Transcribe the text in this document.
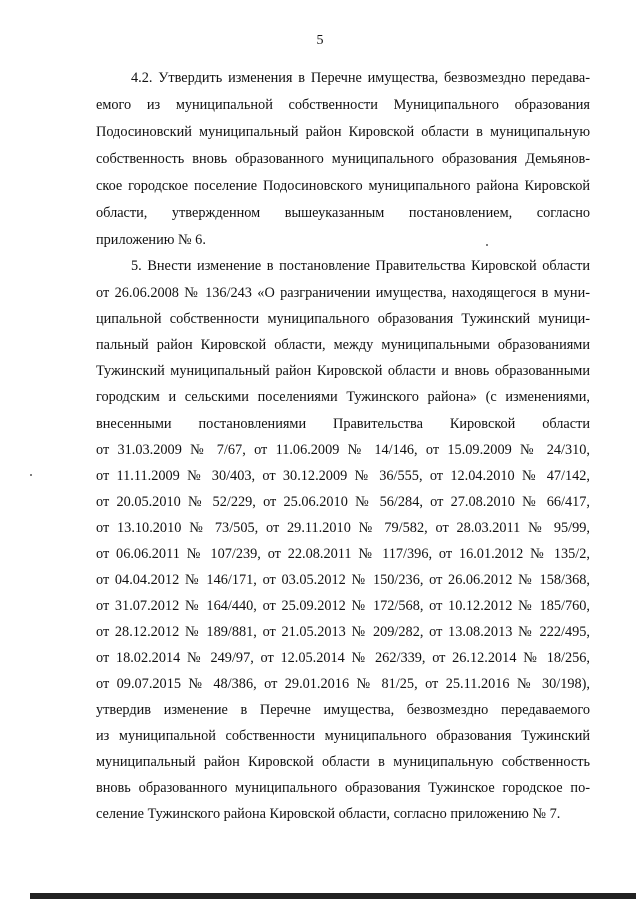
5
4.2. Утвердить изменения в Перечне имущества, безвозмездно передава-
емого из муниципальной собственности Муниципального образования
Подосиновский муниципальный район Кировской области в муниципальную
собственность вновь образованного муниципального образования Демьянов-
ское городское поселение Подосиновского муниципального района Кировской
области, утвержденном вышеуказанным постановлением, согласно
приложению № 6.
5. Внести изменение в постановление Правительства Кировской области
от 26.06.2008 № 136/243 «О разграничении имущества, находящегося в муни-
ципальной собственности муниципального образования Тужинский муници-
пальный район Кировской области, между муниципальными образованиями
Тужинский муниципальный район Кировской области и вновь образованными
городским и сельскими поселениями Тужинского района» (с изменениями,
внесенными постановлениями Правительства Кировской области
от 31.03.2009 № 7/67, от 11.06.2009 № 14/146, от 15.09.2009 № 24/310,
от 11.11.2009 № 30/403, от 30.12.2009 № 36/555, от 12.04.2010 № 47/142,
от 20.05.2010 № 52/229, от 25.06.2010 № 56/284, от 27.08.2010 № 66/417,
от 13.10.2010 № 73/505, от 29.11.2010 № 79/582, от 28.03.2011 № 95/99,
от 06.06.2011 № 107/239, от 22.08.2011 № 117/396, от 16.01.2012 № 135/2,
от 04.04.2012 № 146/171, от 03.05.2012 № 150/236, от 26.06.2012 № 158/368,
от 31.07.2012 № 164/440, от 25.09.2012 № 172/568, от 10.12.2012 № 185/760,
от 28.12.2012 № 189/881, от 21.05.2013 № 209/282, от 13.08.2013 № 222/495,
от 18.02.2014 № 249/97, от 12.05.2014 № 262/339, от 26.12.2014 № 18/256,
от 09.07.2015 № 48/386, от 29.01.2016 № 81/25, от 25.11.2016 № 30/198),
утвердив изменение в Перечне имущества, безвозмездно передаваемого
из муниципальной собственности муниципального образования Тужинский
муниципальный район Кировской области в муниципальную собственность
вновь образованного муниципального образования Тужинское городское по-
селение Тужинского района Кировской области, согласно приложению № 7.
